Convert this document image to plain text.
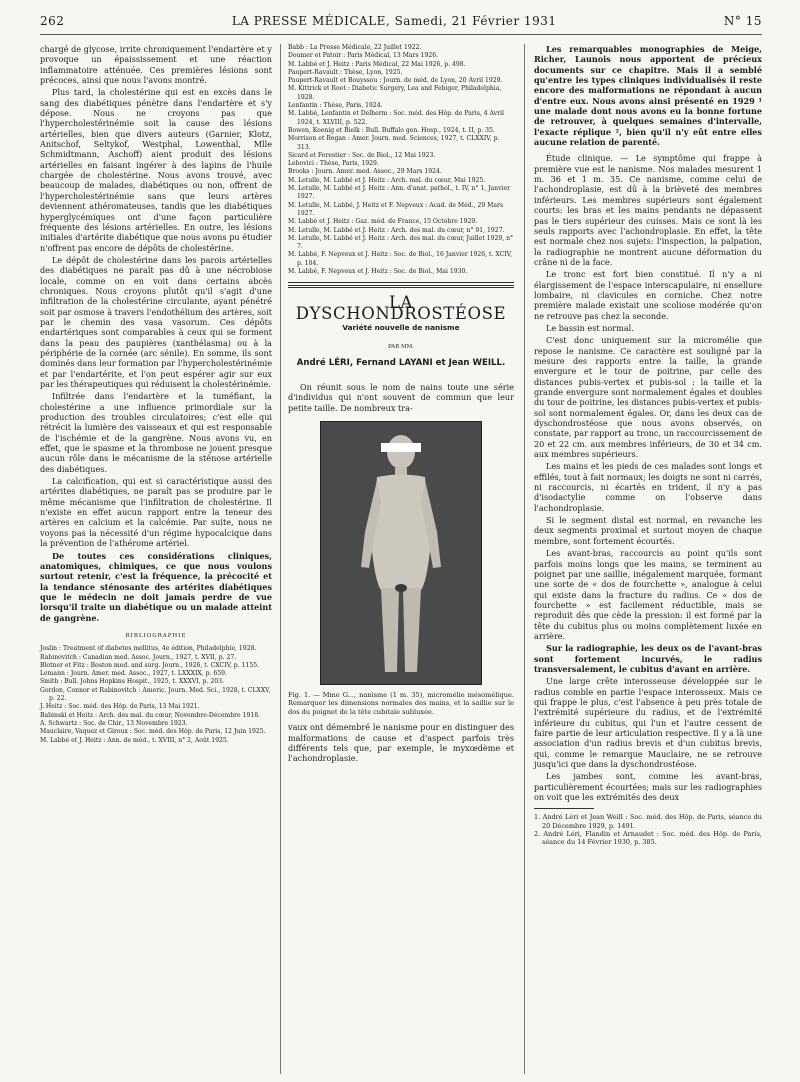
262	LA PRESSE MÉDICALE, Samedi, 21 Février 1931	N° 15

chargé de glycose, irrite chroniquement l'endartère et y provoque un épaississement et une réaction inflammatoire atténuée. Ces premières lésions sont précoces, ainsi que nous l'avons montré.

Plus tard, la cholestérine qui est en excès dans le sang des diabétiques pénètre dans l'endartère et s'y dépose. Nous ne croyons pas que l'hypercholestérinémie soit la cause des lésions artérielles, bien que divers auteurs (Garnier, Klotz, Anitschof, Seltykof, Westphal, Lowenthal, Mlle Schmidtmann, Aschoff) aient produit des lésions artérielles en faisant ingérer à des lapins de l'huile chargée de cholestérine. Nous avons trouvé, avec beaucoup de malades, diabétiques ou non, offrent de l'hypercholestérinémie sans que leurs artères deviennent athéromateuses, tandis que les diabétiques hyperglycémiques ont d'une façon particulière fréquente des lésions artérielles. En outre, les lésions initiales d'artérite diabétique que nous avons pu étudier n'offrent pas encore de dépôts de cholestérine.

Le dépôt de cholestérine dans les parois artérielles des diabétiques ne paraît pas dû à une nécrobiose locale, comme on en voit dans certains abcès chroniques. Nous croyons plutôt qu'il s'agit d'une infiltration de la cholestérine circulante, ayant pénétré soit par osmose à travers l'endothélium des artères, soit par le chemin des vasa vasorum. Ces dépôts endartériques sont comparables à ceux qui se forment dans la peau des paupières (xanthélasma) ou à la périphérie de la cornée (arc sénile). En somme, ils sont dominés dans leur formation par l'hypercholestérinémie et par l'endartérite, et l'on peut espérer agir sur eux par les thérapeutiques qui réduisent la cholestérinémie.

Infiltrée dans l'endartère et la tuméfiant, la cholestérine a une influence primordiale sur la production des troubles circulatoires; c'est elle qui rétrécit la lumière des vaisseaux et qui est responsable de l'ischémie et de la gangrène. Nous avons vu, en effet, que le spasme et la thrombose ne jouent presque aucun rôle dans le mécanisme de la sténose artérielle des diabétiques.

La calcification, qui est si caractéristique aussi des artérites diabétiques, ne paraît pas se produire par le même mécanisme que l'infiltration de cholestérine. Il n'existe en effet aucun rapport entre la teneur des artères en calcium et la calcémie. Par suite, nous ne voyons pas la nécessité d'un régime hypocalcique dans la prévention de l'athérome artériel.

De toutes ces considérations cliniques, anatomiques, chimiques, ce que nous voulons surtout retenir, c'est la fréquence, la précocité et la tendance sténosante des artérites diabétiques que le médecin ne doit jamais perdre de vue lorsqu'il traite un diabétique ou un malade atteint de gangrène.

BIBLIOGRAPHIE
Joslin : Treatment of diabetes mellitus, 4e édition, Philadelphie, 1928.
Rabinovitch : Canadian med. Assoc. Journ., 1927, t. XVII, p. 27.
Blotner et Fitz : Boston med. and surg. Journ., 1926, t. CXCIV, p. 1155.
Lemann : Journ. Amer. med. Assoc., 1927, t. LXXXIX, p. 659.
Smith : Bull. Johns Hopkins Hospit., 1925, t. XXXVI, p. 203.
Gordon, Connor et Rabinovitch : Americ. Journ. Med. Sci., 1928, t. CLXXV, p. 22.
J. Heitz : Soc. méd. des Hôp. de Paris, 13 Mai 1921.
Babinski et Heitz : Arch. des mal. du cœur, Novembre-Décembre 1918.
A. Schwartz : Soc. de Chir., 13 Novembre 1923.
Mauclaire, Vaquez et Giroux : Soc. méd. des Hôp. de Paris, 12 Juin 1925.
M. Labbé et J. Heitz : Ann. de méd., t. XVIII, n° 2, Août 1925.
Babb : La Presse Médicale, 22 Juillet 1922.
Doumer et Patoir : Paris Médical, 13 Mars 1926.
M. Labbé et J. Heitz : Paris Médical, 22 Mai 1926, p. 498.
Paupert-Ravault : Thèse, Lyon, 1925.
Paupert-Ravault et Bouyssou : Journ. de méd. de Lyon, 20 Avril 1929.
M. Kittrick et Root : Diabetic Surgery, Lea and Febiger, Philadelphia, 1928.
Lenfantin : Thèse, Paris, 1924.
M. Labbé, Lenfantin et Delherm : Soc. méd. des Hôp. de Paris, 4 Avril 1924, t. XLVIII, p. 522.
Bowen, Koenig et Bielk : Bull. Buffalo gen. Hosp., 1924, t. II, p. 35.
Morrison et Bogan : Amer. Journ. med. Sciences, 1927, t. CLXXIV, p. 313.
Sicard et Forestier : Soc. de Biol., 12 Mai 1923.
Lebovici : Thèse, Paris, 1929.
Brooks : Journ. Amer. med. Assoc., 29 Mars 1924.
M. Letulle, M. Labbé et J. Heitz : Arch. mal. du cœur, Mai 1925.
M. Letulle, M. Labbé et J. Heitz : Ann. d'anat. pathol., t. IV, n° 1, Janvier 1927.
M. Letulle, M. Labbé, J. Heitz et F. Nepveux : Acad. de Méd., 29 Mars 1927.
M. Labbé et J. Heitz : Gaz. méd. de France, 15 Octobre 1929.
M. Letulle, M. Labbé et J. Heitz : Arch. des mal. du cœur, n° 91, 1927.
M. Letulle, M. Labbé et J. Heitz : Arch. des mal. du cœur, Juillet 1929, n° 7.
M. Labbé, F. Nepveux et J. Heitz : Soc. de Biol., 16 Janvier 1926, t. XCIV, p. 104.
M. Labbé, F. Nepveux et J. Heitz : Soc. de Biol., Mai 1930.
LA DYSCHONDROSTÉOSE
Variété nouvelle de nanisme
PAR MM.
André LÉRI, Fernand LAYANI et Jean WEILL.

On réunit sous le nom de nains toute une série d'individus qui n'ont souvent de commun que leur petite taille. De nombreux tra-

Fig. 1. — Mme G..., nanisme (1 m. 35), micromélie mésomélique. Remarquer les dimensions normales des mains, et la saillie sur le dos du poignet de la tête cubitale subluxée.

vaux ont démembré le nanisme pour en distinguer des malformations de cause et d'aspect parfois très différents tels que, par exemple, le myxœdème et l'achondroplasie.

Les remarquables monographies de Meige, Richer, Launois nous apportent de précieux documents sur ce chapitre. Mais il a semblé qu'entre les types cliniques individualisés il reste encore des malformations ne répondant à aucun d'entre eux. Nous avons ainsi présenté en 1929 ¹ une malade dont nous avons eu la bonne fortune de retrouver, à quelques semaines d'intervalle, l'exacte réplique ², bien qu'il n'y eût entre elles aucune relation de parenté.

Étude clinique. — Le symptôme qui frappe à première vue est le nanisme. Nos malades mesurent 1 m. 36 et 1 m. 35. Ce nanisme, comme celui de l'achondroplasie, est dû à la brièveté des membres inférieurs. Les membres supérieurs sont également courts: les bras et les mains pendants ne dépassent pas le tiers supérieur des cuisses. Mais ce sont là les seuls rapports avec l'achondroplasie. En effet, la tête est normale chez nos sujets: l'inspection, la palpation, la radiographie ne montrent aucune déformation du crâne ni de la face.

Le tronc est fort bien constitué. Il n'y a ni élargissement de l'espace interscapulaire, ni ensellure lombaire, ni clavicules en corniche. Chez notre première malade existait une scoliose modérée qu'on ne retrouve pas chez la seconde.

Le bassin est normal.

C'est donc uniquement sur la micromélie que repose le nanisme. Ce caractère est souligné par la mesure des rapports entre la taille, la grande envergure et le tour de poitrine, par celle des distances pubis-vertex et pubis-sol : la taille et la grande envergure sont normalement égales et doubles du tour de poitrine, les distances pubis-vertex et pubis-sol sont normalement égales. Or, dans les deux cas de dyschondrostéose que nous avons observés, on constate, par rapport au tronc, un raccourcissement de 20 et 22 cm. aux membres inférieurs, de 30 et 34 cm. aux membres supérieurs.

Les mains et les pieds de ces malades sont longs et effilés, tout à fait normaux; les doigts ne sont ni carrés, ni raccourcis, ni écartés en trident, il n'y a pas d'isodactylie comme on l'observe dans l'achondroplasie.

Si le segment distal est normal, en revanche les deux segments proximal et surtout moyen de chaque membre, sont fortement écourtés.

Les avant-bras, raccourcis au point qu'ils sont parfois moins longs que les mains, se terminent au poignet par une saillie, inégalement marquée, formant une sorte de « dos de fourchette », analogue à celui qui existe dans la fracture du radius. Ce « dos de fourchette » est facilement réductible, mais se reproduit dès que cède la pression: il est formé par la tête du cubitus plus ou moins complètement luxée en arrière.

Sur la radiographie, les deux os de l'avant-bras sont fortement incurvés, le radius transversalement, le cubitus d'avant en arrière.

Une large crête interosseuse développée sur le radius comble en partie l'espace interosseux. Mais ce qui frappe le plus, c'est l'absence à peu près totale de l'extrémité supérieure du radius, et de l'extrémité inférieure du cubitus, qui l'un et l'autre cessent de faire partie de leur articulation respective. Il y a là une association d'un radius brevis et d'un cubitus brevis, qui, comme le remarque Mauclaire, ne se retrouve jusqu'ici que dans la dyschondrostéose.

Les jambes sont, comme les avant-bras, particulièrement écourtées; mais sur les radiographies on voit que les extrémités des deux

1. André Léri et Jean Weill : Soc. méd. des Hôp. de Paris, séance du 20 Décembre 1929, p. 1491.
2. André Léri, Flandin et Arnaudet : Soc. méd. des Hôp. de Paris, séance du 14 Février 1930, p. 385.
